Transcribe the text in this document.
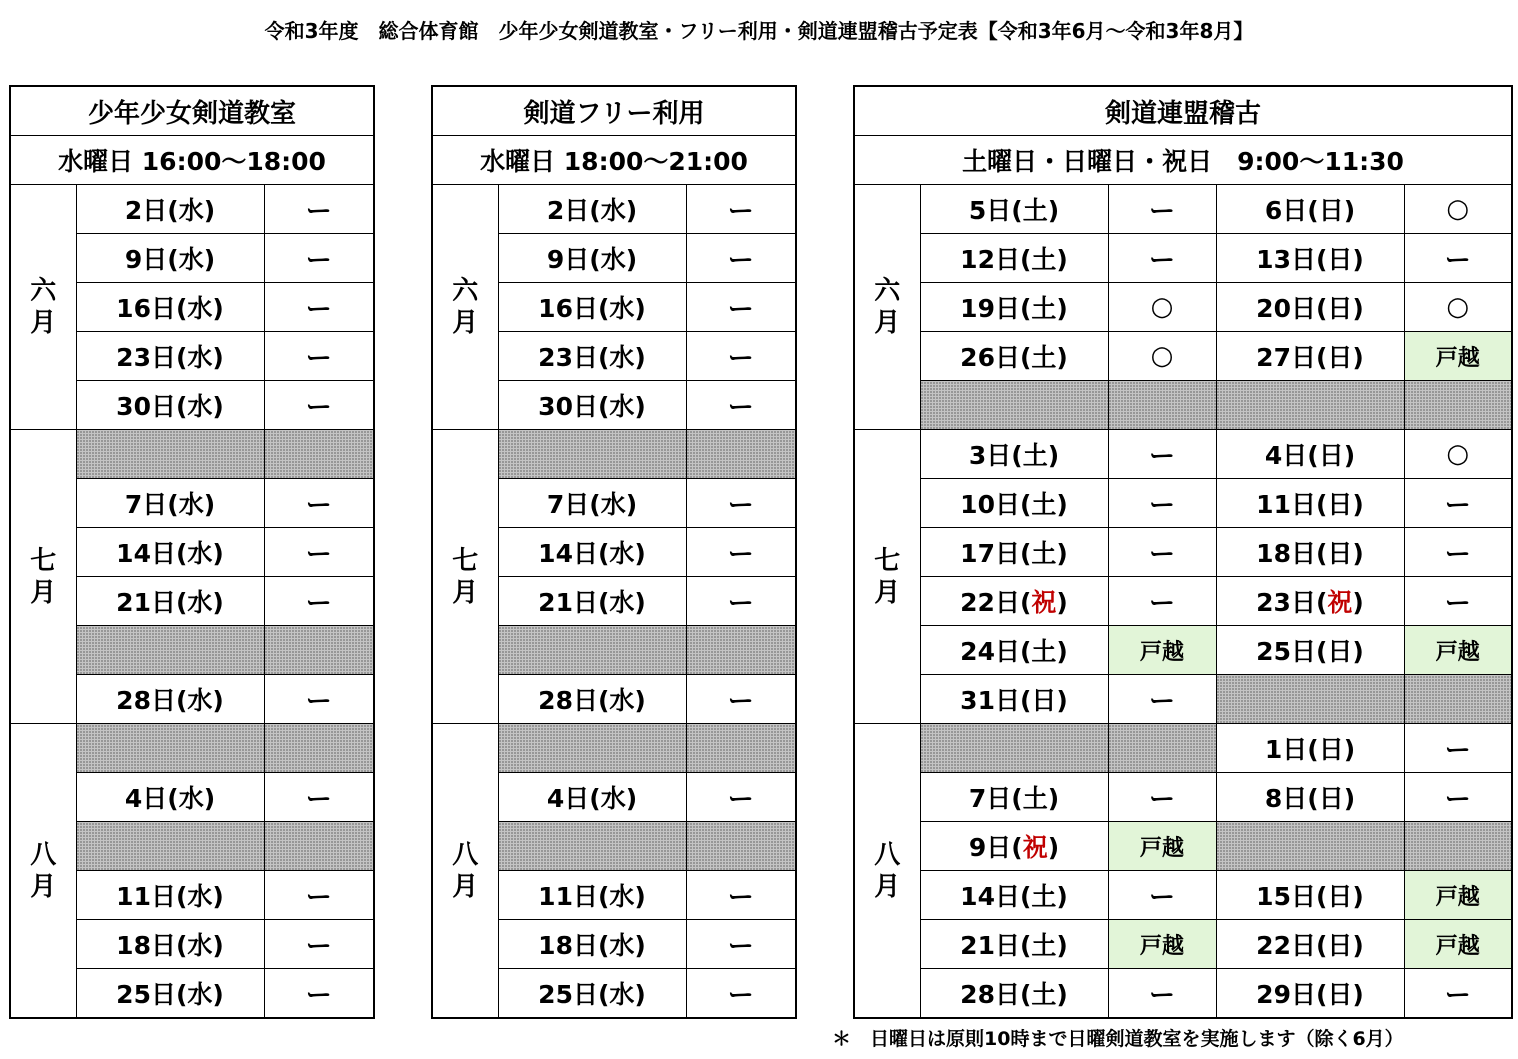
令和3年度　総合体育館　少年少女剣道教室・フリー利用・剣道連盟稽古予定表【令和3年6月～令和3年8月】
少年少女剣道教室		
水曜日 16:00～18:00		
六
月	2日(水)	ー
	9日(水)	ー
	16日(水)	ー
	23日(水)	ー
	30日(水)	ー
七
月		
	7日(水)	ー
	14日(水)	ー
	21日(水)	ー

	28日(水)	ー
八
月		
	4日(水)	ー

	11日(水)	ー
	18日(水)	ー
	25日(水)	ー
剣道フリー利用		
水曜日 18:00～21:00		
六
月	2日(水)	ー
	9日(水)	ー
	16日(水)	ー
	23日(水)	ー
	30日(水)	ー
七
月		
	7日(水)	ー
	14日(水)	ー
	21日(水)	ー

	28日(水)	ー
八
月		
	4日(水)	ー

	11日(水)	ー
	18日(水)	ー
	25日(水)	ー
剣道連盟稽古				
土曜日・日曜日・祝日　9:00～11:30				
六
月	5日(土)	ー	6日(日)	○
	12日(土)	ー	13日(日)	ー
	19日(土)	○	20日(日)	○
	26日(土)	○	27日(日)	戸越

七
月	3日(土)	ー	4日(日)	○
	10日(土)	ー	11日(日)	ー
	17日(土)	ー	18日(日)	ー
	22日(祝)	ー	23日(祝)	ー
	24日(土)	戸越	25日(日)	戸越
	31日(日)	ー		
八
月			1日(日)	ー
	7日(土)	ー	8日(日)	ー
	9日(祝)	戸越		
	14日(土)	ー	15日(日)	戸越
	21日(土)	戸越	22日(日)	戸越
	28日(土)	ー	29日(日)	ー
＊　日曜日は原則10時まで日曜剣道教室を実施します（除く6月）
